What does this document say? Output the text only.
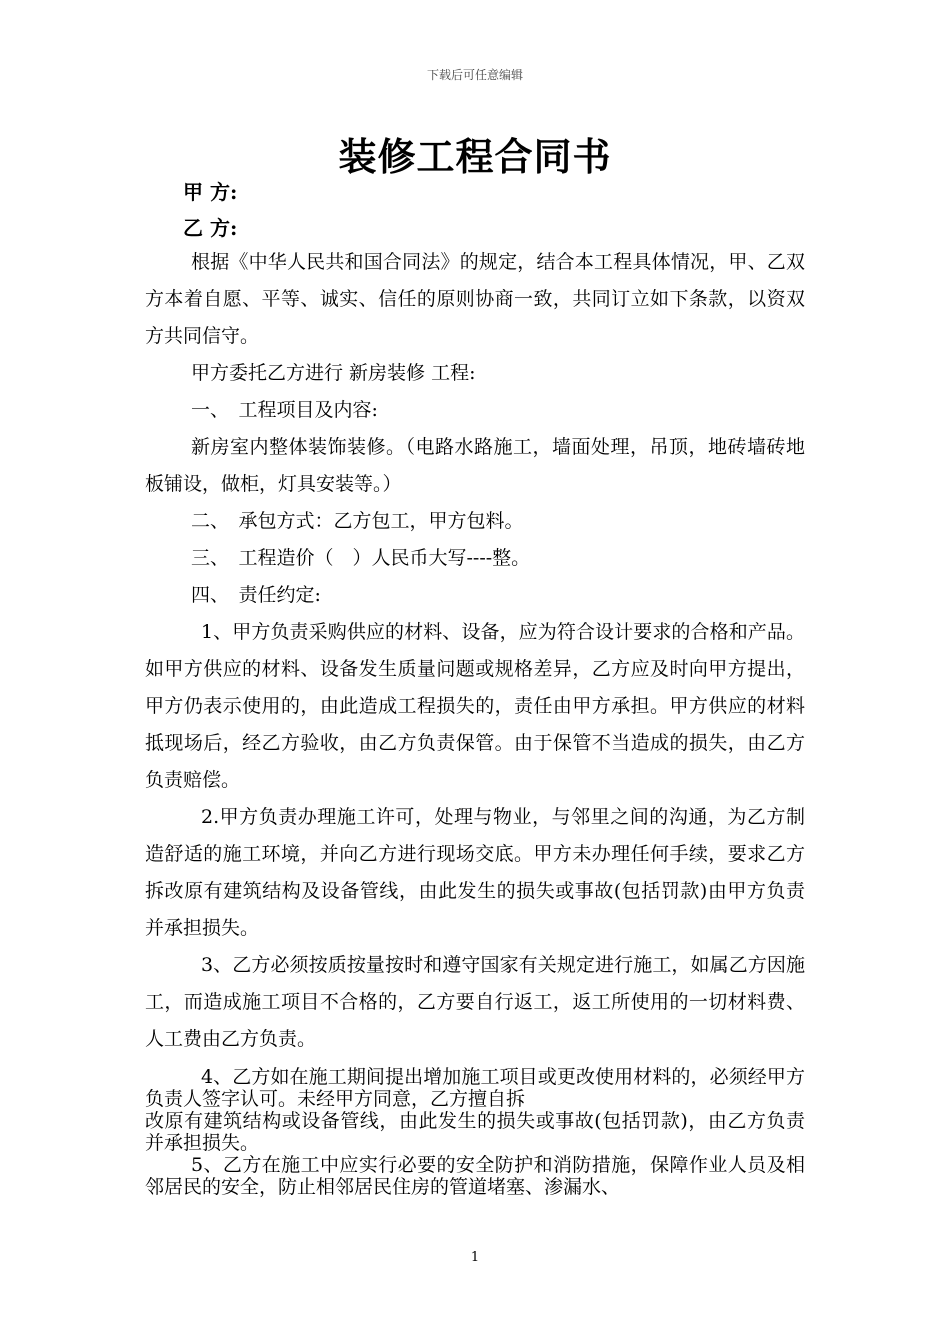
下载后可任意编辑
装修工程合同书
甲 方:
乙 方:

根据《中华人民共和国合同法》的规定，结合本工程具体情况，甲、乙双方本着自愿、平等、诚实、信任的原则协商一致，共同订立如下条款，以资双方共同信守。

甲方委托乙方进行 新房装修 工程:

一、　工程项目及内容:

新房室内整体装饰装修。（电路水路施工，墙面处理，吊顶，地砖墙砖地板铺设，做柜，灯具安装等。）

二、　承包方式：乙方包工，甲方包料。

三、　工程造价（　）人民币大写----整。

四、　责任约定:

1、甲方负责采购供应的材料、设备，应为符合设计要求的合格和产品。如甲方供应的材料、设备发生质量问题或规格差异，乙方应及时向甲方提出，甲方仍表示使用的，由此造成工程损失的，责任由甲方承担。甲方供应的材料抵现场后，经乙方验收，由乙方负责保管。由于保管不当造成的损失，由乙方负责赔偿。

2.甲方负责办理施工许可，处理与物业，与邻里之间的沟通，为乙方制造舒适的施工环境，并向乙方进行现场交底。甲方未办理任何手续，要求乙方拆改原有建筑结构及设备管线，由此发生的损失或事故(包括罚款)由甲方负责并承担损失。

3、乙方必须按质按量按时和遵守国家有关规定进行施工，如属乙方因施工，而造成施工项目不合格的，乙方要自行返工，返工所使用的一切材料费、人工费由乙方负责。

4、乙方如在施工期间提出增加施工项目或更改使用材料的，必须经甲方负责人签字认可。未经甲方同意，乙方擅自拆

改原有建筑结构或设备管线，由此发生的损失或事故(包括罚款)，由乙方负责并承担损失。

5、乙方在施工中应实行必要的安全防护和消防措施，保障作业人员及相邻居民的安全，防止相邻居民住房的管道堵塞、渗漏水、

1
